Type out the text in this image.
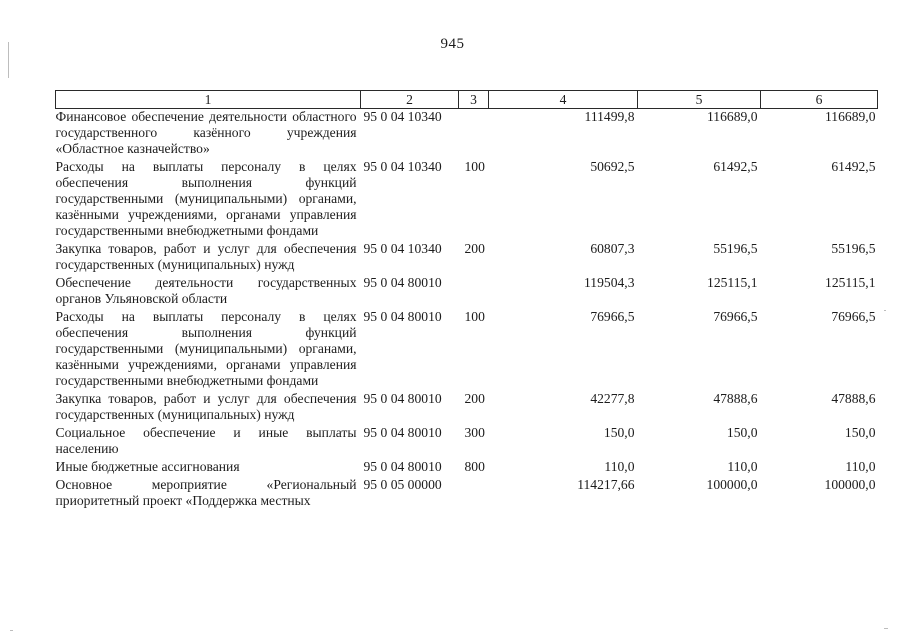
945
1	2	3	4	5	6
Финансовое обеспечение деятельности областного государственного казённого учреждения «Областное казначейство»	95 0 04 10340		111499,8	116689,0	116689,0
Расходы на выплаты персоналу в целях обеспечения выполнения функций государственными (муниципальными) органами, казёнными учреждениями, органами управления государственными внебюджетными фондами	95 0 04 10340	100	50692,5	61492,5	61492,5
Закупка товаров, работ и услуг для обеспечения государственных (муниципальных) нужд	95 0 04 10340	200	60807,3	55196,5	55196,5
Обеспечение деятельности государственных органов Ульяновской области	95 0 04 80010		119504,3	125115,1	125115,1
Расходы на выплаты персоналу в целях обеспечения выполнения функций государственными (муниципальными) органами, казёнными учреждениями, органами управления государственными внебюджетными фондами	95 0 04 80010	100	76966,5	76966,5	76966,5
Закупка товаров, работ и услуг для обеспечения государственных (муниципальных) нужд	95 0 04 80010	200	42277,8	47888,6	47888,6
Социальное обеспечение и иные выплаты населению	95 0 04 80010	300	150,0	150,0	150,0
Иные бюджетные ассигнования	95 0 04 80010	800	110,0	110,0	110,0
Основное мероприятие «Региональный приоритетный проект «Поддержка местных	95 0 05 00000		114217,66	100000,0	100000,0
